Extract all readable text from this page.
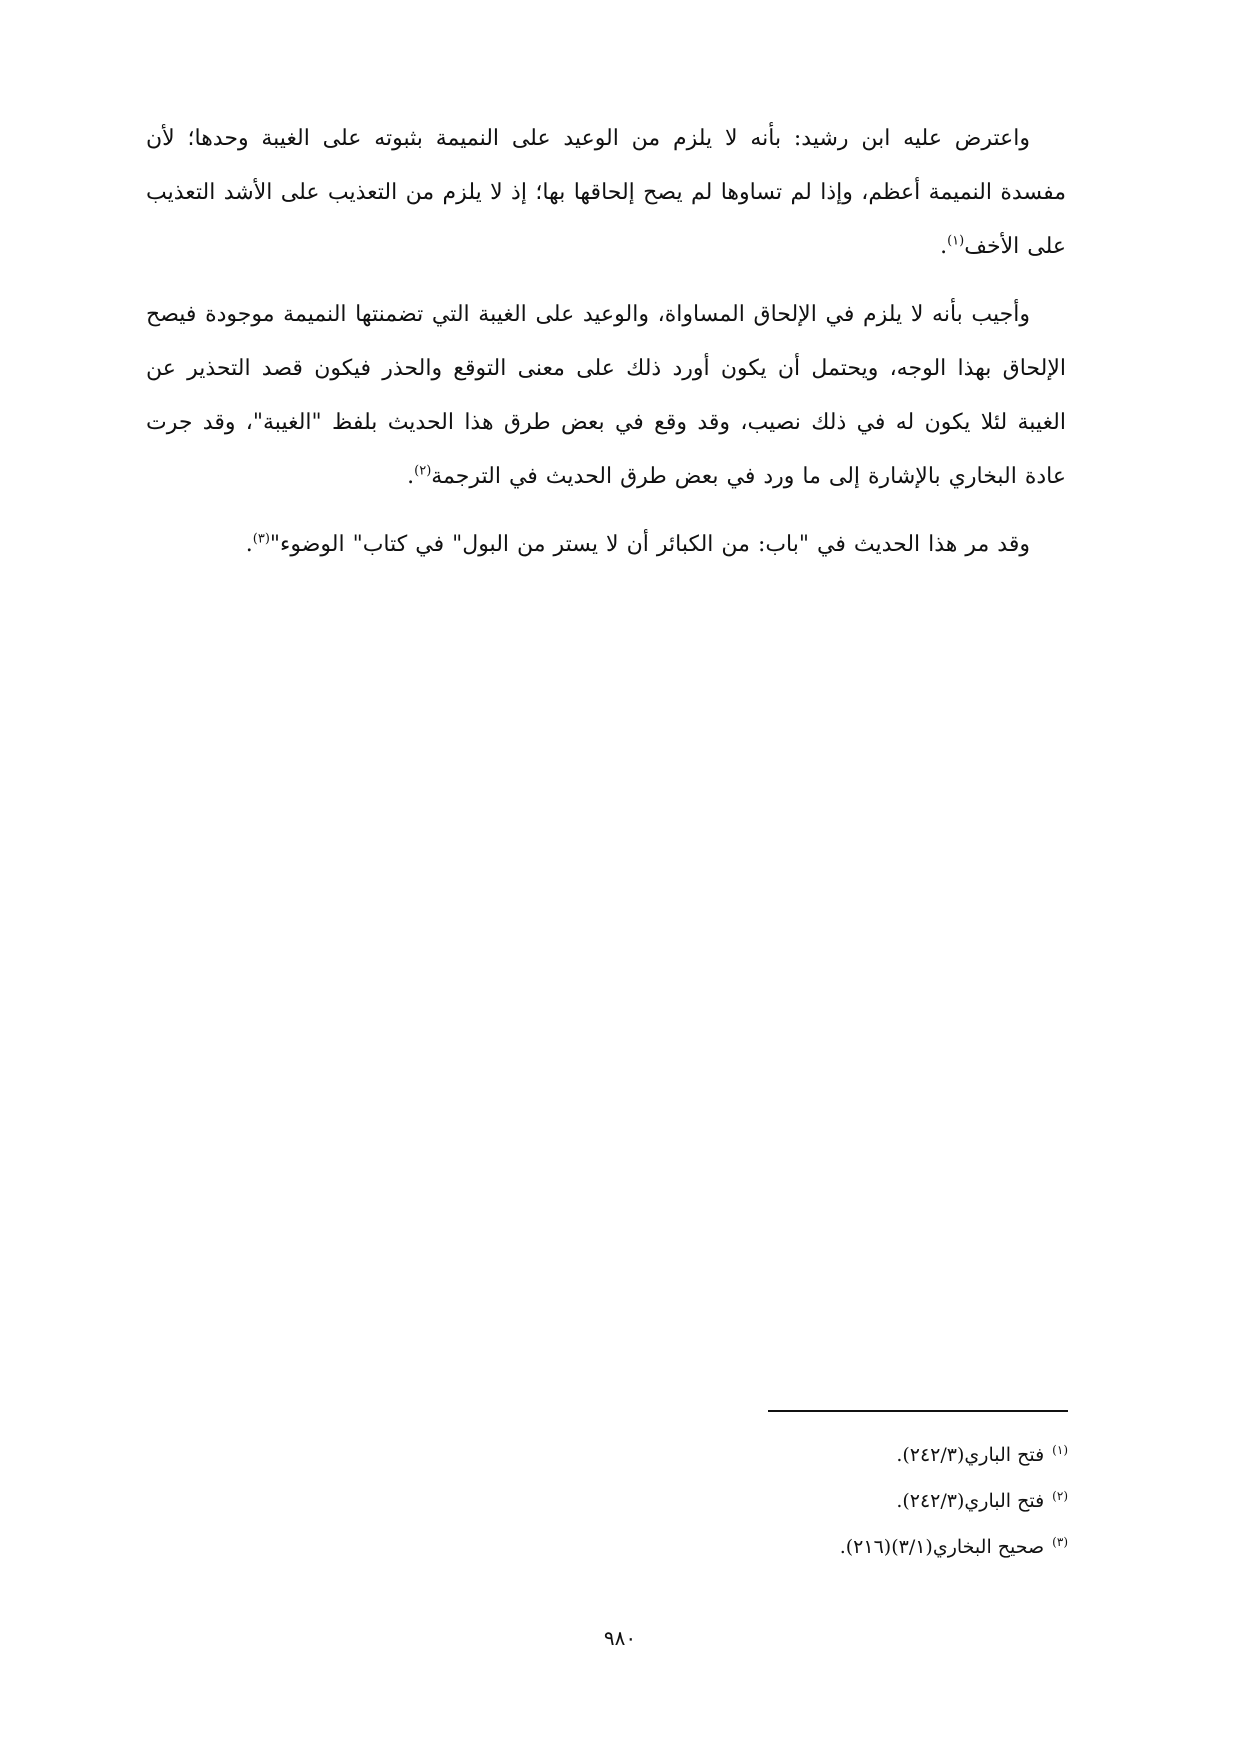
واعترض عليه ابن رشيد: بأنه لا يلزم من الوعيد على النميمة بثبوته على الغيبة وحدها؛ لأن مفسدة النميمة أعظم، وإذا لم تساوها لم يصح إلحاقها بها؛ إذ لا يلزم من التعذيب على الأشد التعذيب على الأخف$^{(١)}$.

وأجيب بأنه لا يلزم في الإلحاق المساواة، والوعيد على الغيبة التي تضمنتها النميمة موجودة فيصح الإلحاق بهذا الوجه، ويحتمل أن يكون أورد ذلك على معنى التوقع والحذر فيكون قصد التحذير عن الغيبة لئلا يكون له في ذلك نصيب، وقد وقع في بعض طرق هذا الحديث بلفظ "الغيبة"، وقد جرت عادة البخاري بالإشارة إلى ما ورد في بعض طرق الحديث في الترجمة$^{(٢)}$.

وقد مر هذا الحديث في "باب: من الكبائر أن لا يستر من البول" في كتاب" الوضوء"$^{(٣)}$.

$^{(١)}$فتح الباري(٢٤٢/٣).

$^{(٢)}$فتح الباري(٢٤٢/٣).

$^{(٣)}$صحيح البخاري(٣/١)(٢١٦).

٩٨٠
